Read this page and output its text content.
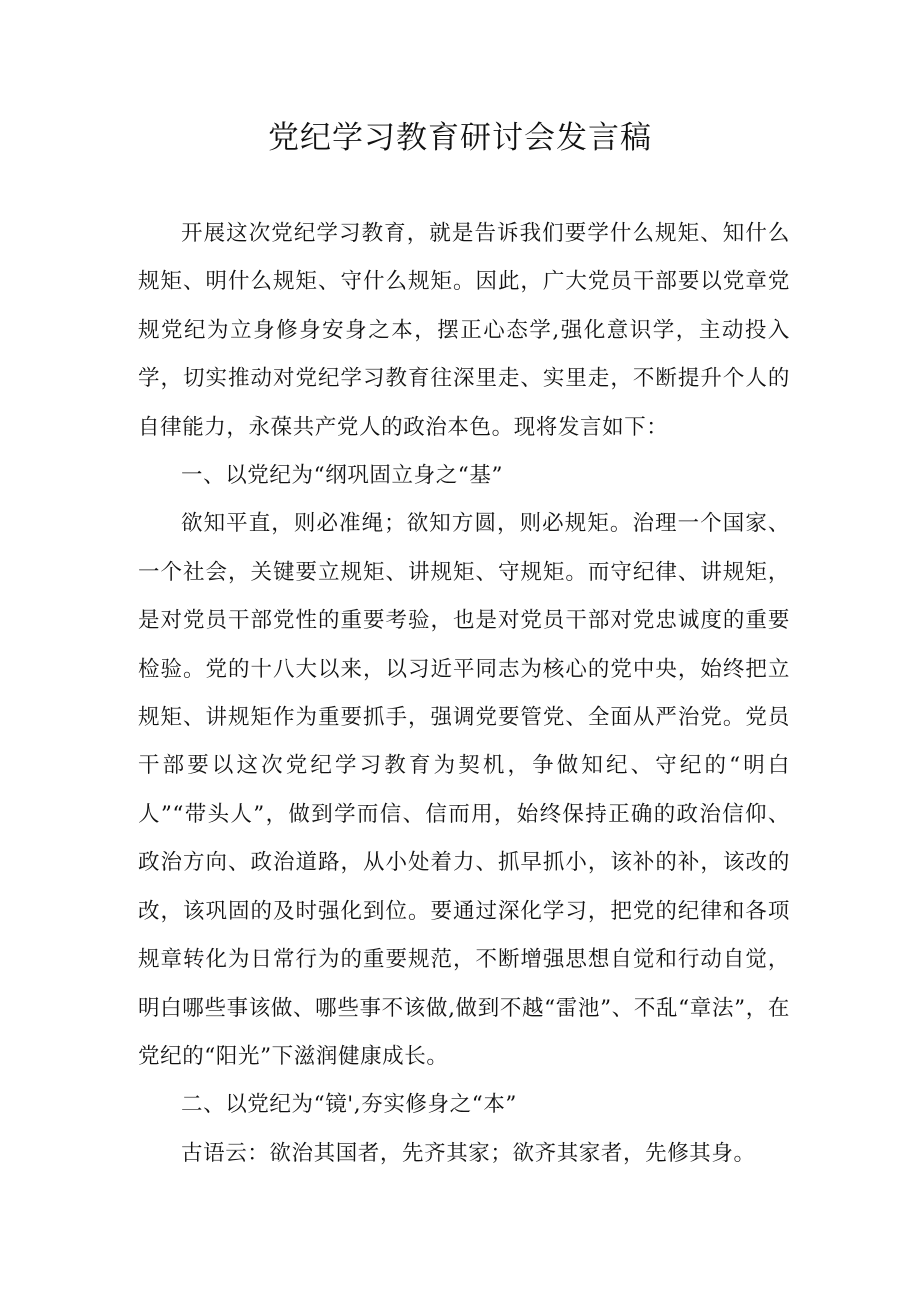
党纪学习教育研讨会发言稿

开展这次党纪学习教育，就是告诉我们要学什么规矩、知什么规矩、明什么规矩、守什么规矩。因此，广大党员干部要以党章党规党纪为立身修身安身之本，摆正心态学,强化意识学，主动投入学，切实推动对党纪学习教育往深里走、实里走，不断提升个人的自律能力，永葆共产党人的政治本色。现将发言如下：

一、以党纪为“纲巩固立身之“基”

欲知平直，则必准绳；欲知方圆，则必规矩。治理一个国家、一个社会，关键要立规矩、讲规矩、守规矩。而守纪律、讲规矩，是对党员干部党性的重要考验，也是对党员干部对党忠诚度的重要检验。党的十八大以来，以习近平同志为核心的党中央，始终把立规矩、讲规矩作为重要抓手，强调党要管党、全面从严治党。党员干部要以这次党纪学习教育为契机，争做知纪、守纪的“明白人”“带头人”，做到学而信、信而用，始终保持正确的政治信仰、政治方向、政治道路，从小处着力、抓早抓小，该补的补，该改的改，该巩固的及时强化到位。要通过深化学习，把党的纪律和各项规章转化为日常行为的重要规范，不断增强思想自觉和行动自觉，明白哪些事该做、哪些事不该做,做到不越“雷池”、不乱“章法”，在党纪的“阳光”下滋润健康成长。

二、以党纪为“镜',夯实修身之“本”

古语云：欲治其国者，先齐其家；欲齐其家者，先修其身。
